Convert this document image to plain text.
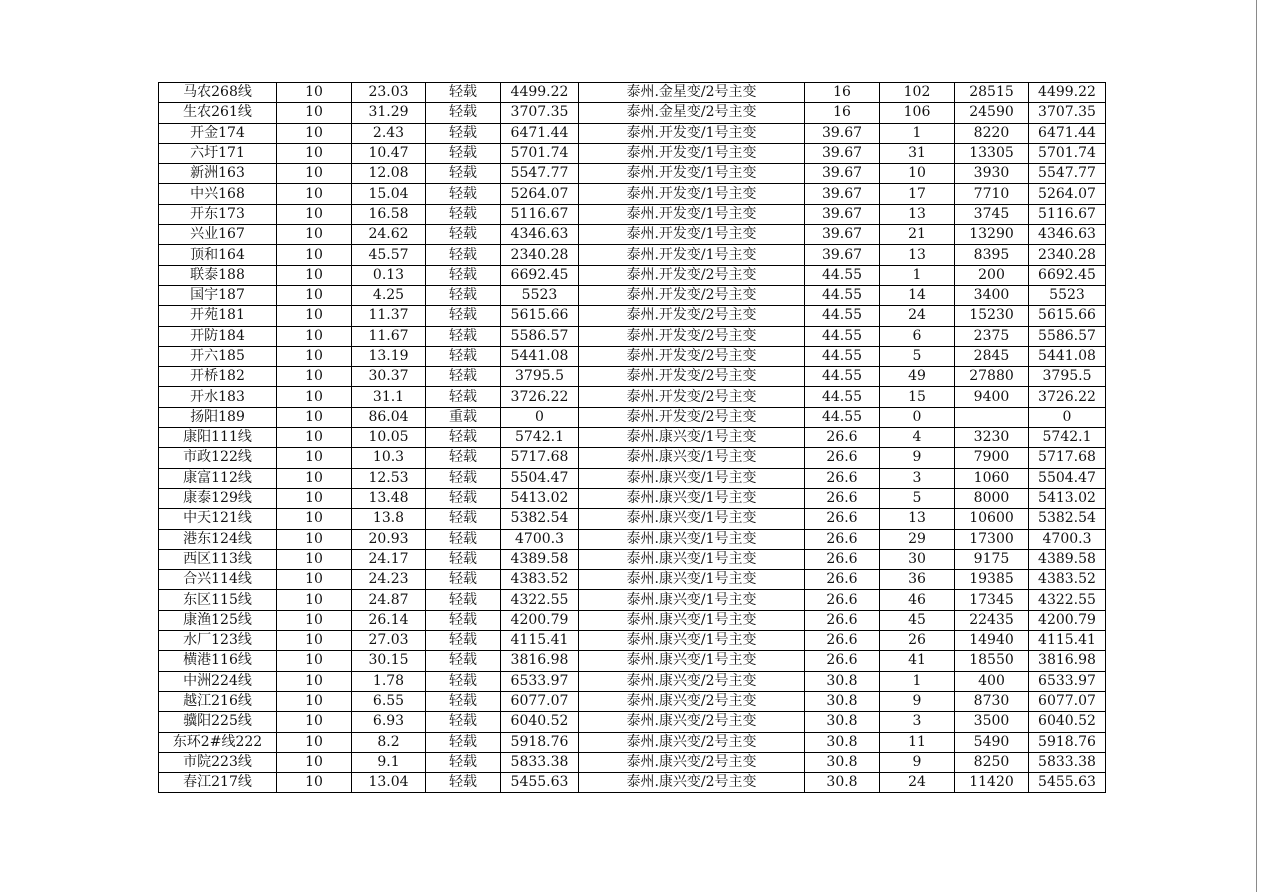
马农268线	10	23.03	轻载	4499.22	泰州.金星变/2号主变	16	102	28515	4499.22
生农261线	10	31.29	轻载	3707.35	泰州.金星变/2号主变	16	106	24590	3707.35
开金174	10	2.43	轻载	6471.44	泰州.开发变/1号主变	39.67	1	8220	6471.44
六圩171	10	10.47	轻载	5701.74	泰州.开发变/1号主变	39.67	31	13305	5701.74
新洲163	10	12.08	轻载	5547.77	泰州.开发变/1号主变	39.67	10	3930	5547.77
中兴168	10	15.04	轻载	5264.07	泰州.开发变/1号主变	39.67	17	7710	5264.07
开东173	10	16.58	轻载	5116.67	泰州.开发变/1号主变	39.67	13	3745	5116.67
兴业167	10	24.62	轻载	4346.63	泰州.开发变/1号主变	39.67	21	13290	4346.63
顶和164	10	45.57	轻载	2340.28	泰州.开发变/1号主变	39.67	13	8395	2340.28
联泰188	10	0.13	轻载	6692.45	泰州.开发变/2号主变	44.55	1	200	6692.45
国宇187	10	4.25	轻载	5523	泰州.开发变/2号主变	44.55	14	3400	5523
开苑181	10	11.37	轻载	5615.66	泰州.开发变/2号主变	44.55	24	15230	5615.66
开防184	10	11.67	轻载	5586.57	泰州.开发变/2号主变	44.55	6	2375	5586.57
开六185	10	13.19	轻载	5441.08	泰州.开发变/2号主变	44.55	5	2845	5441.08
开桥182	10	30.37	轻载	3795.5	泰州.开发变/2号主变	44.55	49	27880	3795.5
开水183	10	31.1	轻载	3726.22	泰州.开发变/2号主变	44.55	15	9400	3726.22
扬阳189	10	86.04	重载	0	泰州.开发变/2号主变	44.55	0		0
康阳111线	10	10.05	轻载	5742.1	泰州.康兴变/1号主变	26.6	4	3230	5742.1
市政122线	10	10.3	轻载	5717.68	泰州.康兴变/1号主变	26.6	9	7900	5717.68
康富112线	10	12.53	轻载	5504.47	泰州.康兴变/1号主变	26.6	3	1060	5504.47
康泰129线	10	13.48	轻载	5413.02	泰州.康兴变/1号主变	26.6	5	8000	5413.02
中天121线	10	13.8	轻载	5382.54	泰州.康兴变/1号主变	26.6	13	10600	5382.54
港东124线	10	20.93	轻载	4700.3	泰州.康兴变/1号主变	26.6	29	17300	4700.3
西区113线	10	24.17	轻载	4389.58	泰州.康兴变/1号主变	26.6	30	9175	4389.58
合兴114线	10	24.23	轻载	4383.52	泰州.康兴变/1号主变	26.6	36	19385	4383.52
东区115线	10	24.87	轻载	4322.55	泰州.康兴变/1号主变	26.6	46	17345	4322.55
康渔125线	10	26.14	轻载	4200.79	泰州.康兴变/1号主变	26.6	45	22435	4200.79
水厂123线	10	27.03	轻载	4115.41	泰州.康兴变/1号主变	26.6	26	14940	4115.41
横港116线	10	30.15	轻载	3816.98	泰州.康兴变/1号主变	26.6	41	18550	3816.98
中洲224线	10	1.78	轻载	6533.97	泰州.康兴变/2号主变	30.8	1	400	6533.97
越江216线	10	6.55	轻载	6077.07	泰州.康兴变/2号主变	30.8	9	8730	6077.07
骥阳225线	10	6.93	轻载	6040.52	泰州.康兴变/2号主变	30.8	3	3500	6040.52
东环2#线222	10	8.2	轻载	5918.76	泰州.康兴变/2号主变	30.8	11	5490	5918.76
市院223线	10	9.1	轻载	5833.38	泰州.康兴变/2号主变	30.8	9	8250	5833.38
春江217线	10	13.04	轻载	5455.63	泰州.康兴变/2号主变	30.8	24	11420	5455.63
